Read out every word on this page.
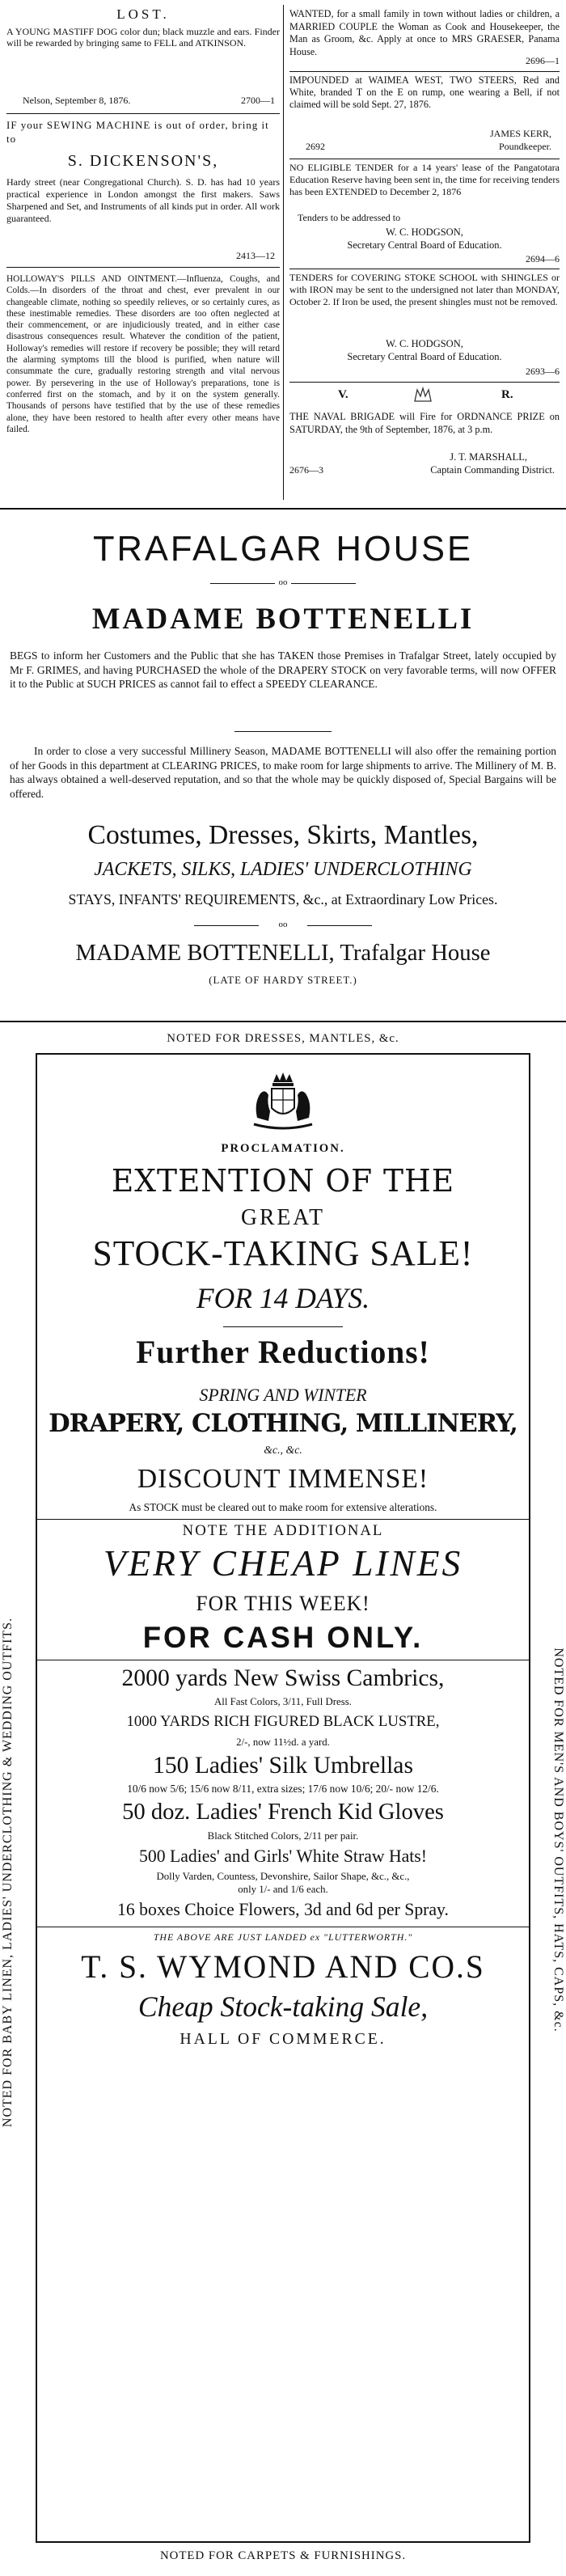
LOST.

A YOUNG MASTIFF DOG color dun; black muzzle and ears. Finder will be rewarded by bringing same to FELL and ATKINSON.

Nelson, September 8, 1876.	2700—1

IF your SEWING MACHINE is out of order, bring it to

S. DICKENSON'S,

Hardy street (near Congregational Church). S. D. has had 10 years practical experience in London amongst the first makers. Saws Sharpened and Set, and Instruments of all kinds put in order. All work guaranteed.

2413—12

HOLLOWAY'S PILLS AND OINTMENT.—Influenza, Coughs, and Colds.—In disorders of the throat and chest, ever prevalent in our changeable climate, nothing so speedily relieves, or so certainly cures, as these inestimable remedies. These disorders are too often neglected at their commencement, or are injudiciously treated, and in either case disastrous consequences result. Whatever the condition of the patient, Holloway's remedies will restore if recovery be possible; they will retard the alarming symptoms till the blood is purified, when nature will consummate the cure, gradually restoring strength and vital nervous power. By persevering in the use of Holloway's preparations, tone is conferred first on the stomach, and by it on the system generally. Thousands of persons have testified that by the use of these remedies alone, they have been restored to health after every other means have failed.

WANTED, for a small family in town without ladies or children, a MARRIED COUPLE the Woman as Cook and Housekeeper, the Man as Groom, &c. Apply at once to MRS GRAESER, Panama House.

2696—1

IMPOUNDED at WAIMEA WEST, TWO STEERS, Red and White, branded T on the E on rump, one wearing a Bell, if not claimed will be sold Sept. 27, 1876.

JAMES KERR,
2692	Poundkeeper.

NO ELIGIBLE TENDER for a 14 years' lease of the Pangatotara Education Reserve having been sent in, the time for receiving tenders has been EXTENDED to December 2, 1876

Tenders to be addressed to
W. C. HODGSON,
Secretary Central Board of Education.
2694—6

TENDERS for COVERING STOKE SCHOOL with SHINGLES or with IRON may be sent to the undersigned not later than MONDAY, October 2. If Iron be used, the present shingles must not be removed.

W. C. HODGSON,
Secretary Central Board of Education.
2693—6
V.	R.

THE NAVAL BRIGADE will Fire for ORDNANCE PRIZE on SATURDAY, the 9th of September, 1876, at 3 p.m.

J. T. MARSHALL,
2676—3	Captain Commanding District.
TRAFALGAR HOUSE
oo
MADAME BOTTENELLI

BEGS to inform her Customers and the Public that she has TAKEN those Premises in Trafalgar Street, lately occupied by Mr F. GRIMES, and having PURCHASED the whole of the DRAPERY STOCK on very favorable terms, will now OFFER it to the Public at SUCH PRICES as cannot fail to effect a SPEEDY CLEARANCE.

In order to close a very successful Millinery Season, MADAME BOTTENELLI will also offer the remaining portion of her Goods in this department at CLEARING PRICES, to make room for large shipments to arrive. The Millinery of M. B. has always obtained a well-deserved reputation, and so that the whole may be quickly disposed of, Special Bargains will be offered.

Costumes, Dresses, Skirts, Mantles,
JACKETS, SILKS, LADIES' UNDERCLOTHING
STAYS, INFANTS' REQUIREMENTS, &c., at Extraordinary Low Prices.
oo
MADAME BOTTENELLI, Trafalgar House
(LATE OF HARDY STREET.)
NOTED FOR DRESSES, MANTLES, &c.
NOTED FOR CARPETS & FURNISHINGS.
NOTED FOR BABY LINEN, LADIES' UNDERCLOTHING & WEDDING OUTFITS.	NOTED FOR MEN'S AND BOYS' OUTFITS, HATS, CAPS, &c.
PROCLAMATION.
EXTENTION OF THE
GREAT
STOCK-TAKING SALE!
FOR 14 DAYS.
Further Reductions!
SPRING AND WINTER
DRAPERY, CLOTHING, MILLINERY,
&c., &c.
DISCOUNT IMMENSE!
As STOCK must be cleared out to make room for extensive alterations.
NOTE THE ADDITIONAL
VERY CHEAP LINES
FOR THIS WEEK!
FOR CASH ONLY.
2000 yards New Swiss Cambrics,
All Fast Colors, 3/11, Full Dress.
1000 YARDS RICH FIGURED BLACK LUSTRE,
2/-, now 11½d. a yard.
150 Ladies' Silk Umbrellas
10/6 now 5/6; 15/6 now 8/11, extra sizes; 17/6 now 10/6; 20/- now 12/6.
50 doz. Ladies' French Kid Gloves
Black Stitched Colors, 2/11 per pair.
500 Ladies' and Girls' White Straw Hats!
Dolly Varden, Countess, Devonshire, Sailor Shape, &c., &c.,
only 1/- and 1/6 each.
16 boxes Choice Flowers, 3d and 6d per Spray.
THE ABOVE ARE JUST LANDED ex "LUTTERWORTH."
T. S. WYMOND AND CO.S
Cheap Stock-taking Sale,
HALL OF COMMERCE.
